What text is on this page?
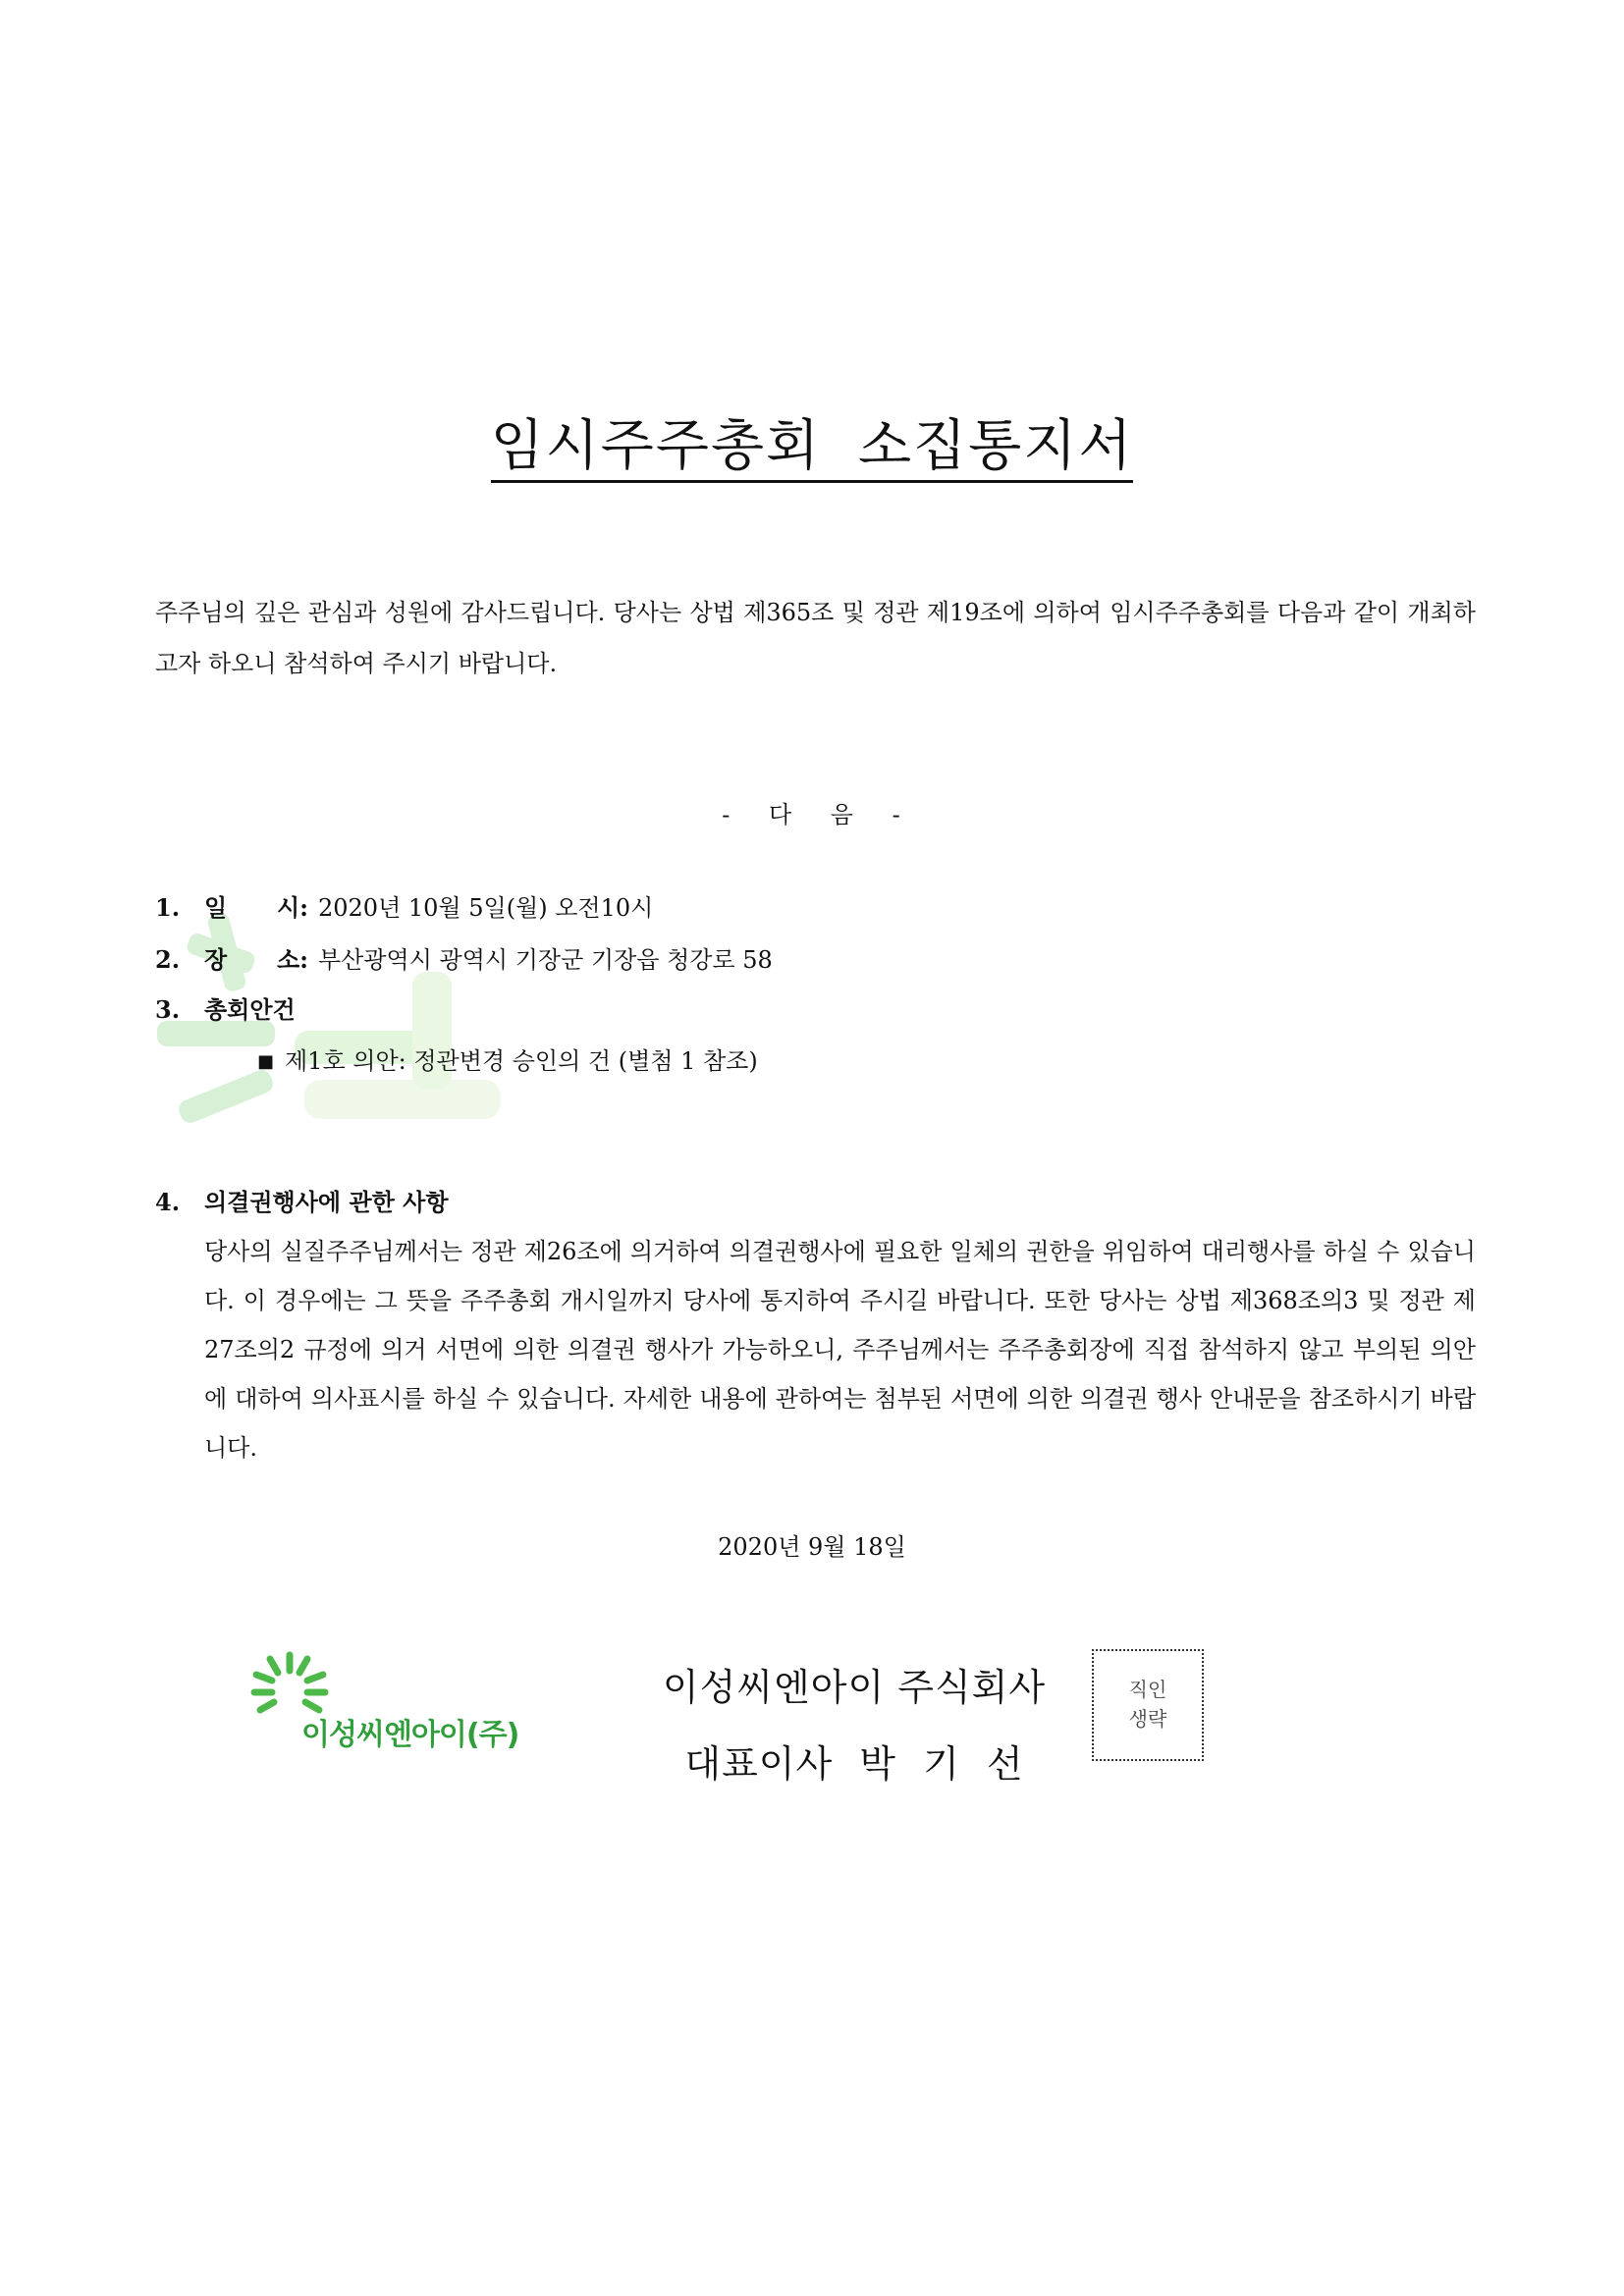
임시주주총회 소집통지서
주주님의 깊은 관심과 성원에 감사드립니다. 당사는 상법 제365조 및 정관 제19조에 의하여 임시주주총회를 다음과 같이 개최하고자 하오니 참석하여 주시기 바랍니다.
- 다 음 -
1. 일 시: 2020년 10월 5일(월) 오전10시
2. 장 소: 부산광역시 광역시 기장군 기장읍 청강로 58
3. 총회안건
■ 제1호 의안: 정관변경 승인의 건 (별첨 1 참조)
4. 의결권행사에 관한 사항
당사의 실질주주님께서는 정관 제26조에 의거하여 의결권행사에 필요한 일체의 권한을 위임하여 대리행사를 하실 수 있습니다. 이 경우에는 그 뜻을 주주총회 개시일까지 당사에 통지하여 주시길 바랍니다. 또한 당사는 상법 제368조의3 및 정관 제27조의2 규정에 의거 서면에 의한 의결권 행사가 가능하오니, 주주님께서는 주주총회장에 직접 참석하지 않고 부의된 의안에 대하여 의사표시를 하실 수 있습니다. 자세한 내용에 관하여는 첨부된 서면에 의한 의결권 행사 안내문을 참조하시기 바랍니다.
2020년 9월 18일
이성씨엔아이(주)
이성씨엔아이 주식회사
대표이사 박 기 선
직인
생략
